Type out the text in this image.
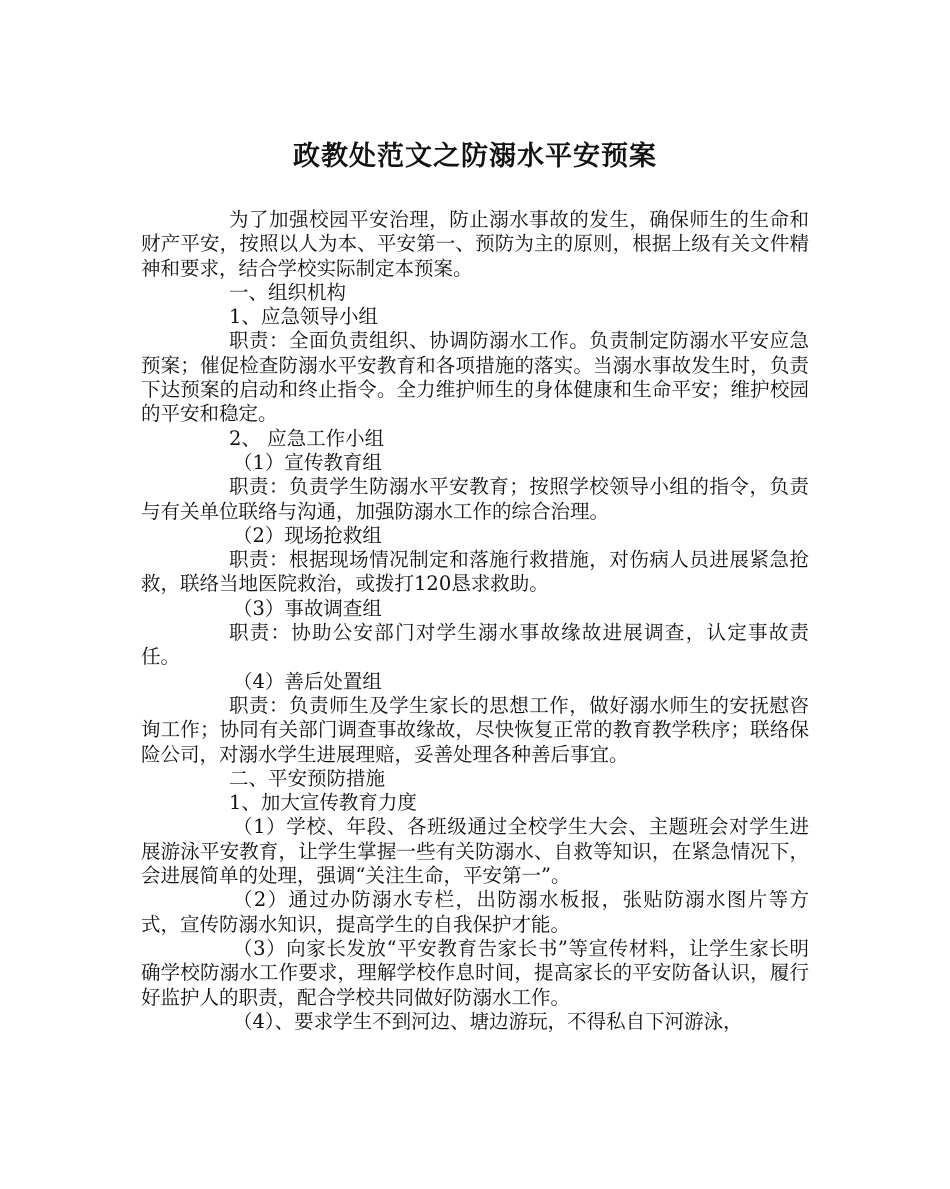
政教处范文之防溺水平安预案

为了加强校园平安治理，防止溺水事故的发生，确保师生的生命和财产平安，按照以人为本、平安第一、预防为主的原则，根据上级有关文件精神和要求，结合学校实际制定本预案。

一、组织机构

1、应急领导小组

职责：全面负责组织、协调防溺水工作。负责制定防溺水平安应急预案；催促检查防溺水平安教育和各项措施的落实。当溺水事故发生时，负责下达预案的启动和终止指令。全力维护师生的身体健康和生命平安；维护校园的平安和稳定。

2、 应急工作小组

（1）宣传教育组

职责：负责学生防溺水平安教育；按照学校领导小组的指令，负责与有关单位联络与沟通，加强防溺水工作的综合治理。

（2）现场抢救组

职责：根据现场情况制定和落施行救措施，对伤病人员进展紧急抢救，联络当地医院救治，或拨打120恳求救助。

（3）事故调查组

职责：协助公安部门对学生溺水事故缘故进展调查，认定事故责任。

（4）善后处置组

职责：负责师生及学生家长的思想工作，做好溺水师生的安抚慰咨询工作；协同有关部门调查事故缘故，尽快恢复正常的教育教学秩序；联络保险公司，对溺水学生进展理赔，妥善处理各种善后事宜。

二、平安预防措施

1、加大宣传教育力度

（1）学校、年段、各班级通过全校学生大会、主题班会对学生进展游泳平安教育，让学生掌握一些有关防溺水、自救等知识，在紧急情况下，会进展简单的处理，强调“关注生命，平安第一”。

（2）通过办防溺水专栏，出防溺水板报，张贴防溺水图片等方式，宣传防溺水知识，提高学生的自我保护才能。

（3）向家长发放“平安教育告家长书”等宣传材料，让学生家长明确学校防溺水工作要求，理解学校作息时间，提高家长的平安防备认识，履行好监护人的职责，配合学校共同做好防溺水工作。

（4）、要求学生不到河边、塘边游玩，不得私自下河游泳，
